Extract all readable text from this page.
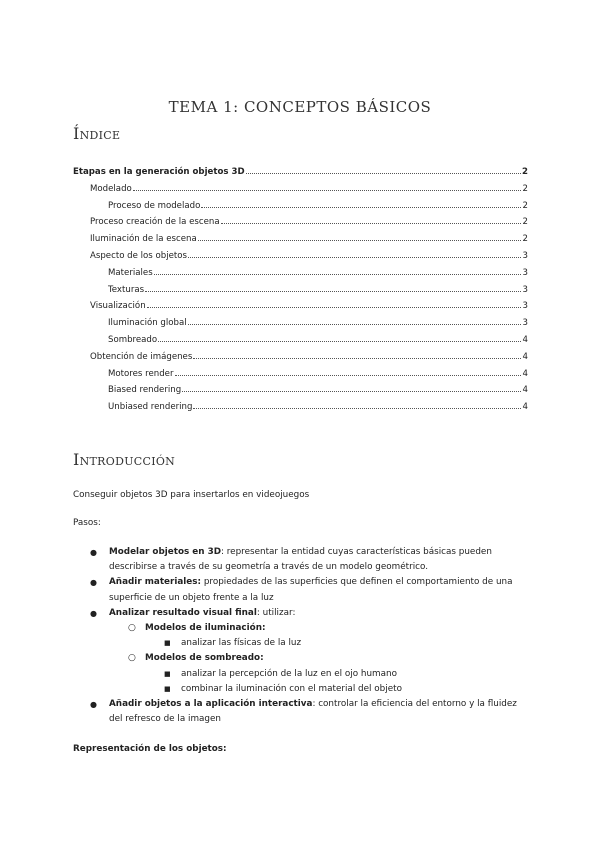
TEMA 1: CONCEPTOS BÁSICOS
Índice
Etapas en la generación objetos 3D	2
Modelado	2
Proceso de modelado	2
Proceso creación de la escena	2
Iluminación de la escena	2
Aspecto de los objetos	3
Materiales	3
Texturas	3
Visualización	3
Iluminación global	3
Sombreado	4
Obtención de imágenes	4
Motores render	4
Biased rendering	4
Unbiased rendering	4
Introducción
Conseguir objetos 3D para insertarlos en videojuegos
Pasos:
● Modelar objetos en 3D: representar la entidad cuyas características básicas pueden describirse a través de su geometría a través de un modelo geométrico.
● Añadir materiales: propiedades de las superficies que definen el comportamiento de una superficie de un objeto frente a la luz
● Analizar resultado visual final: utilizar:
○ Modelos de iluminación:
■ analizar las físicas de la luz
○ Modelos de sombreado:
■ analizar la percepción de la luz en el ojo humano
■ combinar la iluminación con el material del objeto
● Añadir objetos a la aplicación interactiva: controlar la eficiencia del entorno y la fluidez del refresco de la imagen
Representación de los objetos:
